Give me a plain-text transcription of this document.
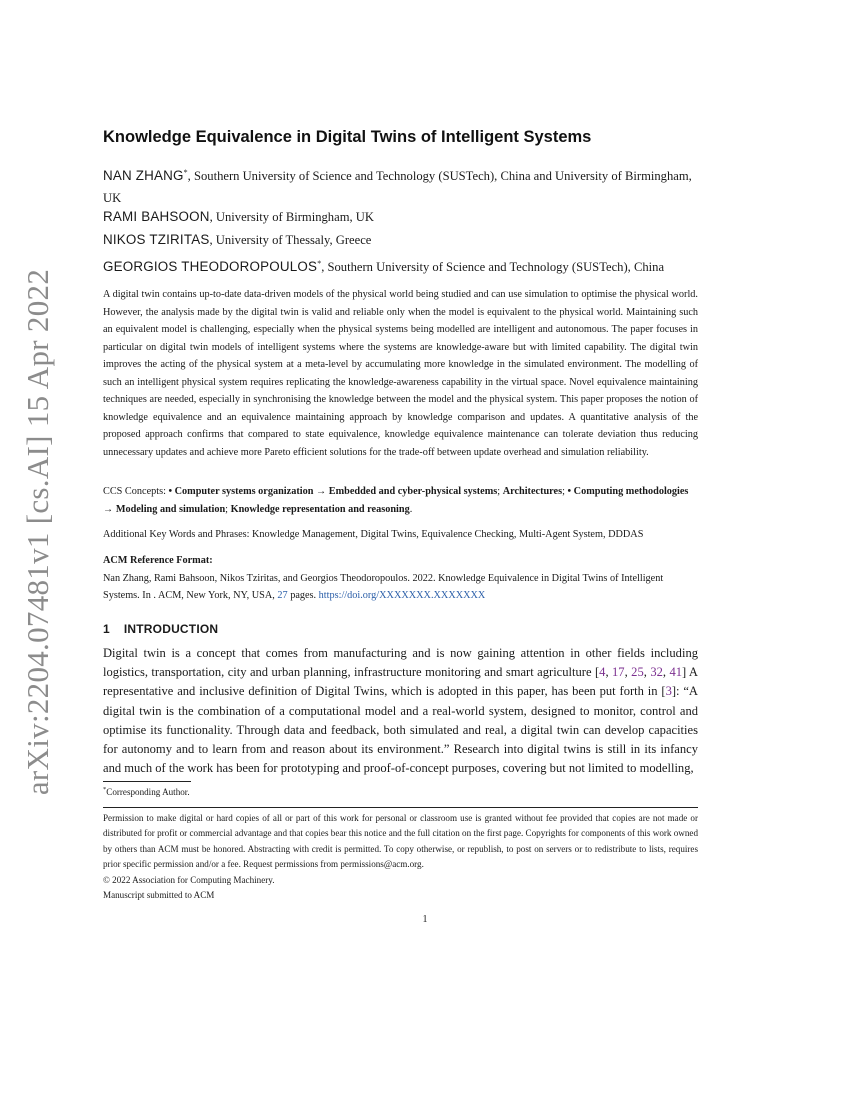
arXiv:2204.07481v1 [cs.AI] 15 Apr 2022
Knowledge Equivalence in Digital Twins of Intelligent Systems
NAN ZHANG*, Southern University of Science and Technology (SUSTech), China and University of Birmingham,
UK
RAMI BAHSOON, University of Birmingham, UK
NIKOS TZIRITAS, University of Thessaly, Greece
GEORGIOS THEODOROPOULOS*, Southern University of Science and Technology (SUSTech), China
A digital twin contains up-to-date data-driven models of the physical world being studied and can use simulation to optimise the physical world. However, the analysis made by the digital twin is valid and reliable only when the model is equivalent to the physical world. Maintaining such an equivalent model is challenging, especially when the physical systems being modelled are intelligent and autonomous. The paper focuses in particular on digital twin models of intelligent systems where the systems are knowledge-aware but with limited capability. The digital twin improves the acting of the physical system at a meta-level by accumulating more knowledge in the simulated environment. The modelling of such an intelligent physical system requires replicating the knowledge-awareness capability in the virtual space. Novel equivalence maintaining techniques are needed, especially in synchronising the knowledge between the model and the physical system. This paper proposes the notion of knowledge equivalence and an equivalence maintaining approach by knowledge comparison and updates. A quantitative analysis of the proposed approach confirms that compared to state equivalence, knowledge equivalence maintenance can tolerate deviation thus reducing unnecessary updates and achieve more Pareto efficient solutions for the trade-off between update overhead and simulation reliability.
CCS Concepts: • Computer systems organization → Embedded and cyber-physical systems; Architectures; • Computing methodologies → Modeling and simulation; Knowledge representation and reasoning.
Additional Key Words and Phrases: Knowledge Management, Digital Twins, Equivalence Checking, Multi-Agent System, DDDAS
ACM Reference Format:
Nan Zhang, Rami Bahsoon, Nikos Tziritas, and Georgios Theodoropoulos. 2022. Knowledge Equivalence in Digital Twins of Intelligent Systems. In . ACM, New York, NY, USA, 27 pages. https://doi.org/XXXXXXX.XXXXXXX
1 INTRODUCTION
Digital twin is a concept that comes from manufacturing and is now gaining attention in other fields including logistics, transportation, city and urban planning, infrastructure monitoring and smart agriculture [4, 17, 25, 32, 41] A representative and inclusive definition of Digital Twins, which is adopted in this paper, has been put forth in [3]: “A digital twin is the combination of a computational model and a real-world system, designed to monitor, control and optimise its functionality. Through data and feedback, both simulated and real, a digital twin can develop capacities for autonomy and to learn from and reason about its environment.” Research into digital twins is still in its infancy and much of the work has been for prototyping and proof-of-concept purposes, covering but not limited to modelling,
*Corresponding Author.
Permission to make digital or hard copies of all or part of this work for personal or classroom use is granted without fee provided that copies are not made or distributed for profit or commercial advantage and that copies bear this notice and the full citation on the first page. Copyrights for components of this work owned by others than ACM must be honored. Abstracting with credit is permitted. To copy otherwise, or republish, to post on servers or to redistribute to lists, requires prior specific permission and/or a fee. Request permissions from permissions@acm.org.
© 2022 Association for Computing Machinery.
Manuscript submitted to ACM
1
